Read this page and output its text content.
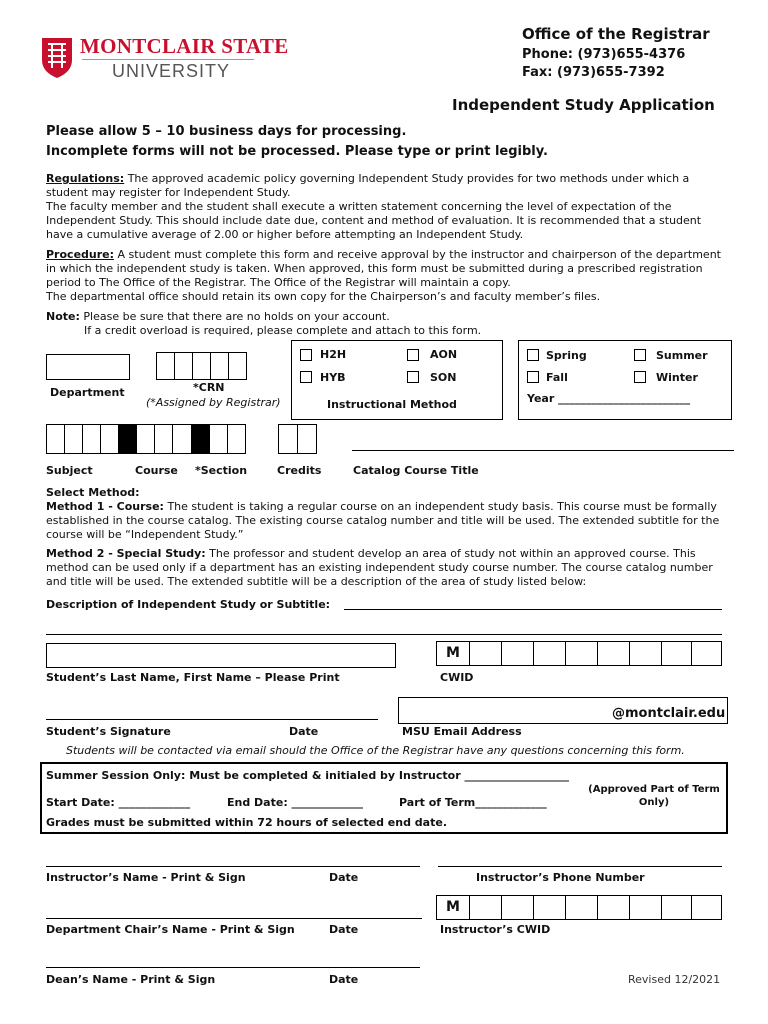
MONTCLAIR STATE
UNIVERSITY
Office of the Registrar
Phone: (973)655-4376
Fax: (973)655-7392
Independent Study Application
Please allow 5 – 10 business days for processing.
Incomplete forms will not be processed. Please type or print legibly.

Regulations: The approved academic policy governing Independent Study provides for two methods under which a student may register for Independent Study.

The faculty member and the student shall execute a written statement concerning the level of expectation of the Independent Study. This should include date due, content and method of evaluation. It is recommended that a student have a cumulative average of 2.00 or higher before attempting an Independent Study.

Procedure: A student must complete this form and receive approval by the instructor and chairperson of the department in which the independent study is taken. When approved, this form must be submitted during a prescribed registration period to The Office of the Registrar. The Office of the Registrar will maintain a copy.

The departmental office should retain its own copy for the Chairperson’s and faculty member’s files.

Note: Please be sure that there are no holds on your account.

If a credit overload is required, please complete and attach to this form.

Department	*CRN
(*Assigned by Registrar)
H2H	AON
HYB	SON
Instructional Method
Spring	Summer
Fall	Winter
Year ________________________
Subject	Course *Section	Credits	Catalog Course Title

Select Method:

Method 1 - Course: The student is taking a regular course on an independent study basis. This course must be formally established in the course catalog. The existing course catalog number and title will be used. The extended subtitle for the course will be “Independent Study.”

Method 2 - Special Study: The professor and student develop an area of study not within an approved course. This method can be used only if a department has an existing independent study course number. The course catalog number and title will be used. The extended subtitle will be a description of the area of study listed below:

Description of Independent Study or Subtitle:
Student’s Last Name, First Name – Please Print
M
CWID
Student’s Signature	Date
@montclair.edu
MSU Email Address
Students will be contacted via email should the Office of the Registrar have any questions concerning this form.
Summer Session Only: Must be completed & initialed by Instructor ___________________
(Approved Part of Term Only)
Start Date: _____________	End Date: _____________	Part of Term_____________
Grades must be submitted within 72 hours of selected end date.
Instructor’s Name - Print & Sign	Date	Instructor’s Phone Number
Department Chair’s Name - Print & Sign	Date
M
Instructor’s CWID
Dean’s Name - Print & Sign	Date	Revised 12/2021
